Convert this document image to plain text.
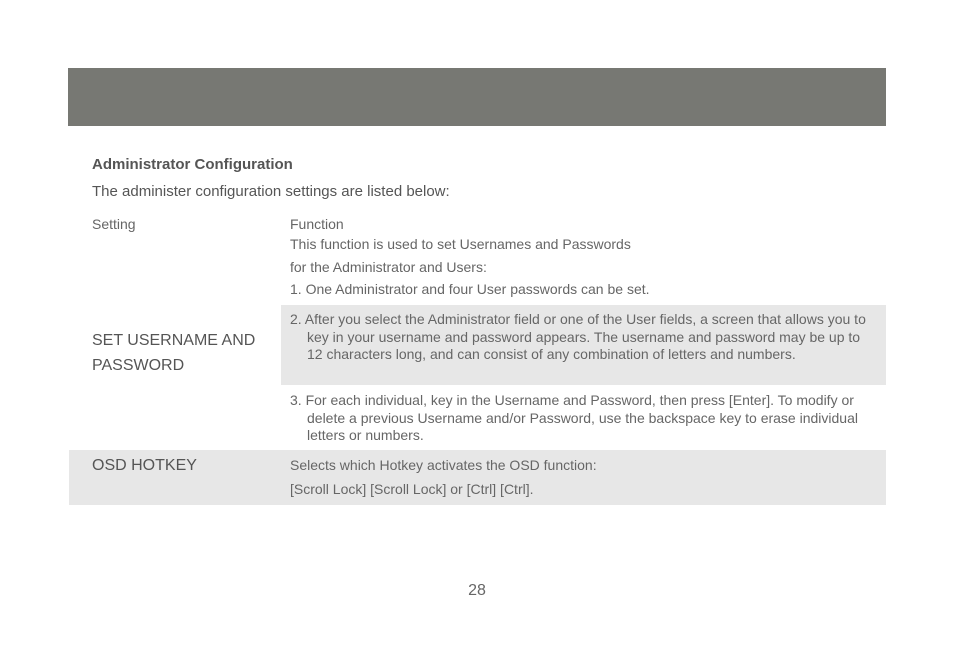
Administrator Configuration

The administer configuration settings are listed below:

Setting	Function
This function is used to set Usernames and Passwords
for the Administrator and Users:
1. One Administrator and four User passwords can be set.
2. After you select the Administrator field or one of the User fields, a screen that allows you to key in your username and password appears. The username and password may be up to 12 characters long, and can consist of any combination of letters and numbers.
3. For each individual, key in the Username and Password, then press [Enter]. To modify or delete a previous Username and/or Password, use the backspace key to erase individual letters or numbers.
SET USERNAME AND PASSWORD
OSD HOTKEY	Selects which Hotkey activates the OSD function:
[Scroll Lock] [Scroll Lock] or [Ctrl] [Ctrl].
28
